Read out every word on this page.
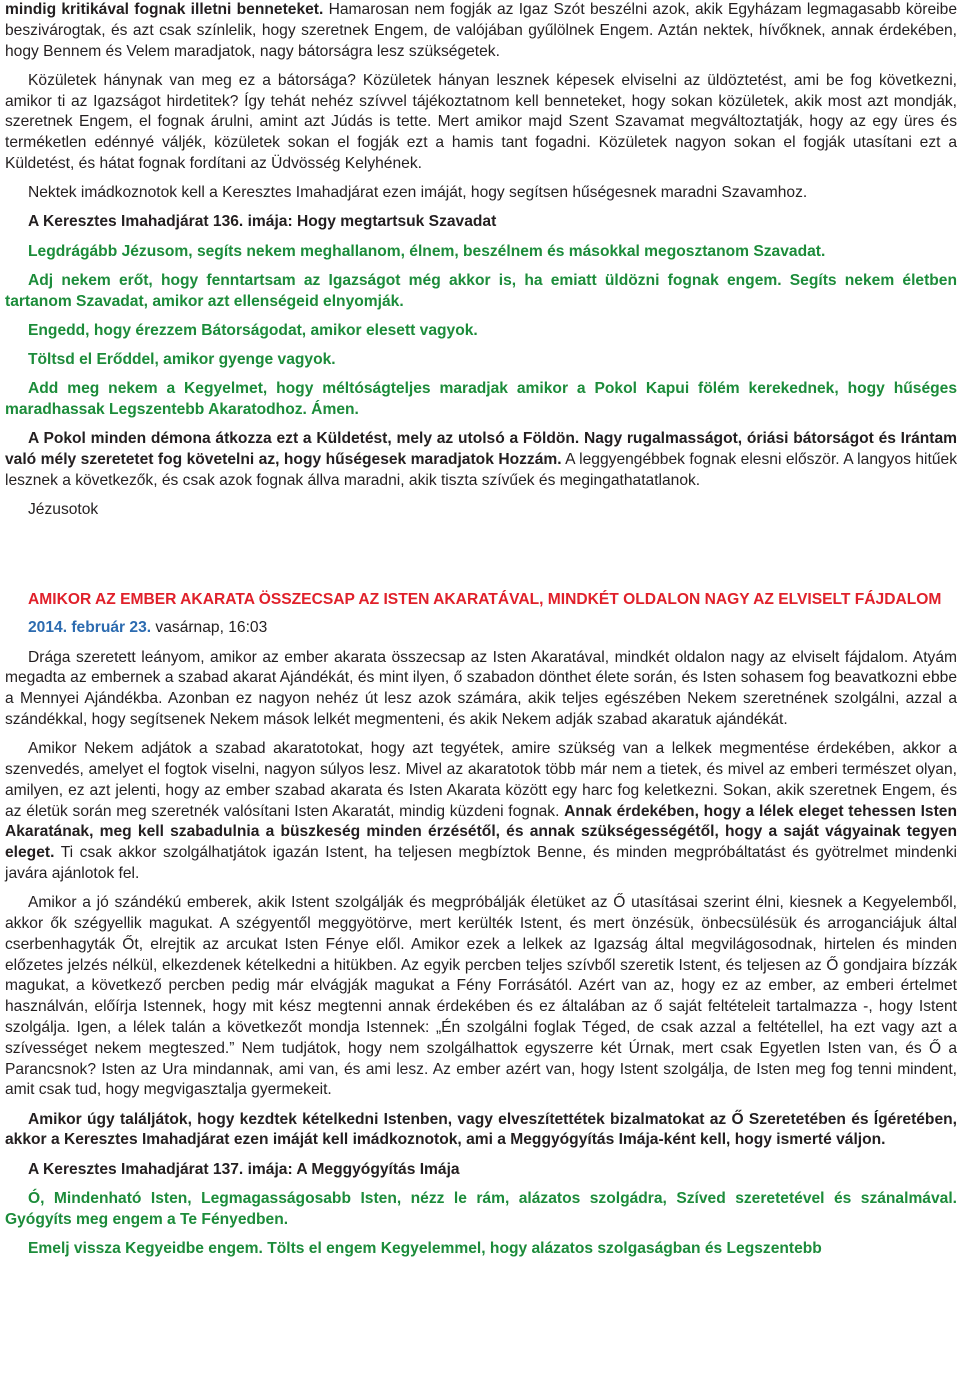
mindig kritikával fognak illetni benneteket. Hamarosan nem fogják az Igaz Szót beszélni azok, akik Egyházam legmagasabb köreibe beszivárogtak, és azt csak színlelik, hogy szeretnek Engem, de valójában gyűlölnek Engem. Aztán nektek, hívőknek, annak érdekében, hogy Bennem és Velem maradjatok, nagy bátorságra lesz szükségetek.

Közületek hánynak van meg ez a bátorsága? Közületek hányan lesznek képesek elviselni az üldöztetést, ami be fog következni, amikor ti az Igazságot hirdetitek? Így tehát nehéz szívvel tájékoztatnom kell benneteket, hogy sokan közületek, akik most azt mondják, szeretnek Engem, el fognak árulni, amint azt Júdás is tette. Mert amikor majd Szent Szavamat megváltoztatják, hogy az egy üres és terméketlen edénnyé váljék, közületek sokan el fogják ezt a hamis tant fogadni. Közületek nagyon sokan el fogják utasítani ezt a Küldetést, és hátat fognak fordítani az Üdvösség Kelyhének.

Nektek imádkoznotok kell a Keresztes Imahadjárat ezen imáját, hogy segítsen hűségesnek maradni Szavamhoz.

A Keresztes Imahadjárat 136. imája: Hogy megtartsuk Szavadat

Legdrágább Jézusom, segíts nekem meghallanom, élnem, beszélnem és másokkal megosztanom Szavadat.

Adj nekem erőt, hogy fenntartsam az Igazságot még akkor is, ha emiatt üldözni fognak engem. Segíts nekem életben tartanom Szavadat, amikor azt ellenségeid elnyomják.

Engedd, hogy érezzem Bátorságodat, amikor elesett vagyok.

Töltsd el Erőddel, amikor gyenge vagyok.

Add meg nekem a Kegyelmet, hogy méltóságteljes maradjak amikor a Pokol Kapui fölém kerekednek, hogy hűséges maradhassak Legszentebb Akaratodhoz. Ámen.

A Pokol minden démona átkozza ezt a Küldetést, mely az utolsó a Földön. Nagy rugalmasságot, óriási bátorságot és Irántam való mély szeretetet fog követelni az, hogy hűségesek maradjatok Hozzám. A leggyengébbek fognak elesni először. A langyos hitűek lesznek a következők, és csak azok fognak állva maradni, akik tiszta szívűek és megingathatatlanok.

Jézusotok

AMIKOR AZ EMBER AKARATA ÖSSZECSAP AZ ISTEN AKARATÁVAL, MINDKÉT OLDALON NAGY AZ ELVISELT FÁJDALOM

2014. február 23. vasárnap, 16:03

Drága szeretett leányom, amikor az ember akarata összecsap az Isten Akaratával, mindkét oldalon nagy az elviselt fájdalom. Atyám megadta az embernek a szabad akarat Ajándékát, és mint ilyen, ő szabadon dönthet élete során, és Isten sohasem fog beavatkozni ebbe a Mennyei Ajándékba. Azonban ez nagyon nehéz út lesz azok számára, akik teljes egészében Nekem szeretnének szolgálni, azzal a szándékkal, hogy segítsenek Nekem mások lelkét megmenteni, és akik Nekem adják szabad akaratuk ajándékát.

Amikor Nekem adjátok a szabad akaratotokat, hogy azt tegyétek, amire szükség van a lelkek megmentése érdekében, akkor a szenvedés, amelyet el fogtok viselni, nagyon súlyos lesz. Mivel az akaratotok több már nem a tietek, és mivel az emberi természet olyan, amilyen, ez azt jelenti, hogy az ember szabad akarata és Isten Akarata között egy harc fog keletkezni. Sokan, akik szeretnek Engem, és az életük során meg szeretnék valósítani Isten Akaratát, mindig küzdeni fognak. Annak érdekében, hogy a lélek eleget tehessen Isten Akaratának, meg kell szabadulnia a büszkeség minden érzésétől, és annak szükségességétől, hogy a saját vágyainak tegyen eleget. Ti csak akkor szolgálhatjátok igazán Istent, ha teljesen megbíztok Benne, és minden megpróbáltatást és gyötrelmet mindenki javára ajánlotok fel.

Amikor a jó szándékú emberek, akik Istent szolgálják és megpróbálják életüket az Ő utasításai szerint élni, kiesnek a Kegyelemből, akkor ők szégyellik magukat. A szégyentől meggyötörve, mert kerülték Istent, és mert önzésük, önbecsülésük és arroganciájuk által cserbenhagyták Őt, elrejtik az arcukat Isten Fénye elől. Amikor ezek a lelkek az Igazság által megvilágosodnak, hirtelen és minden előzetes jelzés nélkül, elkezdenek kételkedni a hitükben. Az egyik percben teljes szívből szeretik Istent, és teljesen az Ő gondjaira bízzák magukat, a következő percben pedig már elvágják magukat a Fény Forrásától. Azért van az, hogy ez az ember, az emberi értelmet használván, előírja Istennek, hogy mit kész megtenni annak érdekében és ez általában az ő saját feltételeit tartalmazza -, hogy Istent szolgálja. Igen, a lélek talán a következőt mondja Istennek: „Én szolgálni foglak Téged, de csak azzal a feltétellel, ha ezt vagy azt a szívességet nekem megteszed.” Nem tudjátok, hogy nem szolgálhattok egyszerre két Úrnak, mert csak Egyetlen Isten van, és Ő a Parancsnok? Isten az Ura mindannak, ami van, és ami lesz. Az ember azért van, hogy Istent szolgálja, de Isten meg fog tenni mindent, amit csak tud, hogy megvigasztalja gyermekeit.

Amikor úgy találjátok, hogy kezdtek kételkedni Istenben, vagy elveszítettétek bizalmatokat az Ő Szeretetében és Ígéretében, akkor a Keresztes Imahadjárat ezen imáját kell imádkoznotok, ami a Meggyógyítás Imája-ként kell, hogy ismerté váljon.

A Keresztes Imahadjárat 137. imája: A Meggyógyítás Imája

Ó, Mindenható Isten, Legmagasságosabb Isten, nézz le rám, alázatos szolgádra, Szíved szeretetével és szánalmával. Gyógyíts meg engem a Te Fényedben.

Emelj vissza Kegyeidbe engem. Tölts el engem Kegyelemmel, hogy alázatos szolgaságban és Legszentebb
